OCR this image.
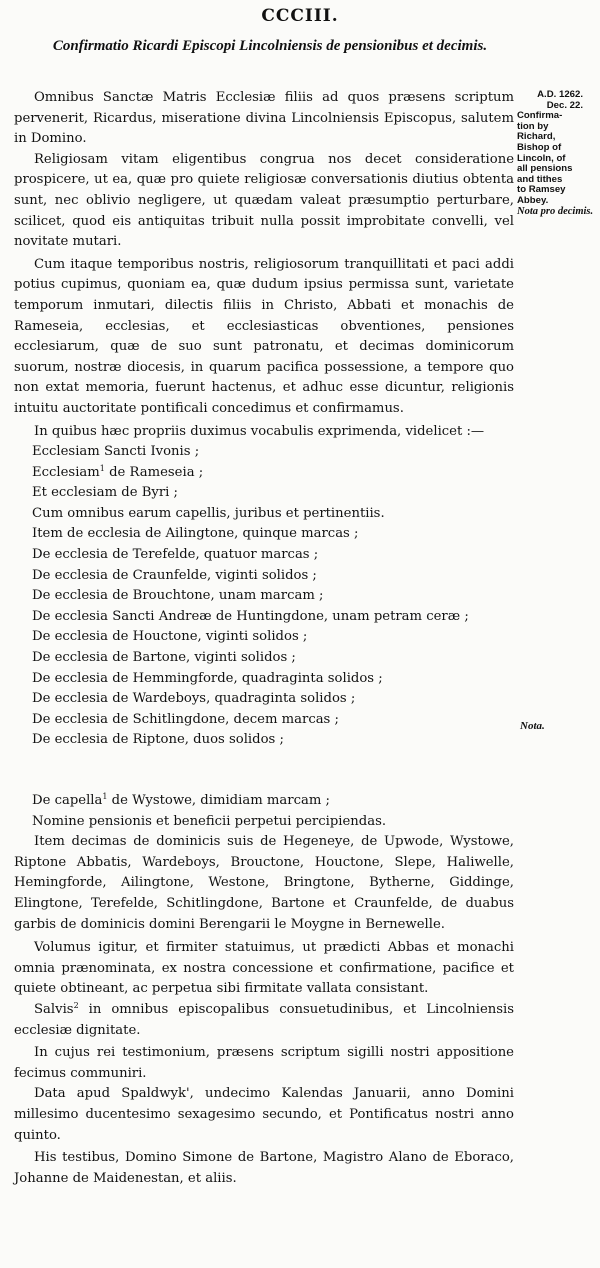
CCCIII.

Confirmatio Ricardi Episcopi Lincolniensis de pensionibus et decimis.

A.D. 1262.
Dec. 22.
Confirma-
tion by
Richard,
Bishop of
Lincoln, of
all pensions
and tithes
to Ramsey
Abbey.
Nota pro decimis.
Nota.

Omnibus Sanctæ Matris Ecclesiæ filiis ad quos præsens scriptum pervenerit, Ricardus, miseratione divina Lincolniensis Episcopus, salutem in Domino.

Religiosam vitam eligentibus congrua nos decet consideratione prospicere, ut ea, quæ pro quiete religiosæ conversationis diutius obtenta sunt, nec oblivio negligere, ut quædam valeat præsumptio perturbare, scilicet, quod eis antiquitas tribuit nulla possit improbitate convelli, vel novitate mutari.

Cum itaque temporibus nostris, religiosorum tranquillitati et paci addi potius cupimus, quoniam ea, quæ dudum ipsius permissa sunt, varietate temporum inmutari, dilectis filiis in Christo, Abbati et monachis de Rameseia, ecclesias, et ecclesiasticas obventiones, pensiones ecclesiarum, quæ de suo sunt patronatu, et decimas dominicorum suorum, nostræ diocesis, in quarum pacifica possessione, a tempore quo non extat memoria, fuerunt hactenus, et adhuc esse dicuntur, religionis intuitu auctoritate pontificali concedimus et confirmamus.

In quibus hæc propriis duximus vocabulis exprimenda, videlicet :—

Ecclesiam Sancti Ivonis ;
Ecclesiam$^1$ de Rameseia ;
Et ecclesiam de Byri ;
Cum omnibus earum capellis, juribus et pertinentiis.
Item de ecclesia de Ailingtone, quinque marcas ;
De ecclesia de Terefelde, quatuor marcas ;
De ecclesia de Craunfelde, viginti solidos ;
De ecclesia de Brouchtone, unam marcam ;
De ecclesia Sancti Andreæ de Huntingdone, unam petram ceræ ;
De ecclesia de Houctone, viginti solidos ;
De ecclesia de Bartone, viginti solidos ;
De ecclesia de Hemmingforde, quadraginta solidos ;
De ecclesia de Wardeboys, quadraginta solidos ;
De ecclesia de Schitlingdone, decem marcas ;
De ecclesia de Riptone, duos solidos ;
De capella$^1$ de Wystowe, dimidiam marcam ;
Nomine pensionis et beneficii perpetui percipiendas.

Item decimas de dominicis suis de Hegeneye, de Upwode, Wystowe, Riptone Abbatis, Wardeboys, Brouctone, Houctone, Slepe, Haliwelle, Hemingforde, Ailingtone, Westone, Bringtone, Bytherne, Giddinge, Elingtone, Terefelde, Schitlingdone, Bartone et Craunfelde, de duabus garbis de dominicis domini Berengarii le Moygne in Bernewelle.

Volumus igitur, et firmiter statuimus, ut prædicti Abbas et monachi omnia prænominata, ex nostra concessione et confirmatione, pacifice et quiete obtineant, ac perpetua sibi firmitate vallata consistant.

Salvis$^2$ in omnibus episcopalibus consuetudinibus, et Lincolniensis ecclesiæ dignitate.

In cujus rei testimonium, præsens scriptum sigilli nostri appositione fecimus communiri.

Data apud Spaldwyk', undecimo Kalendas Januarii, anno Domini millesimo ducentesimo sexagesimo secundo, et Pontificatus nostri anno quinto.

His testibus, Domino Simone de Bartone, Magistro Alano de Eboraco, Johanne de Maidenestan, et aliis.
